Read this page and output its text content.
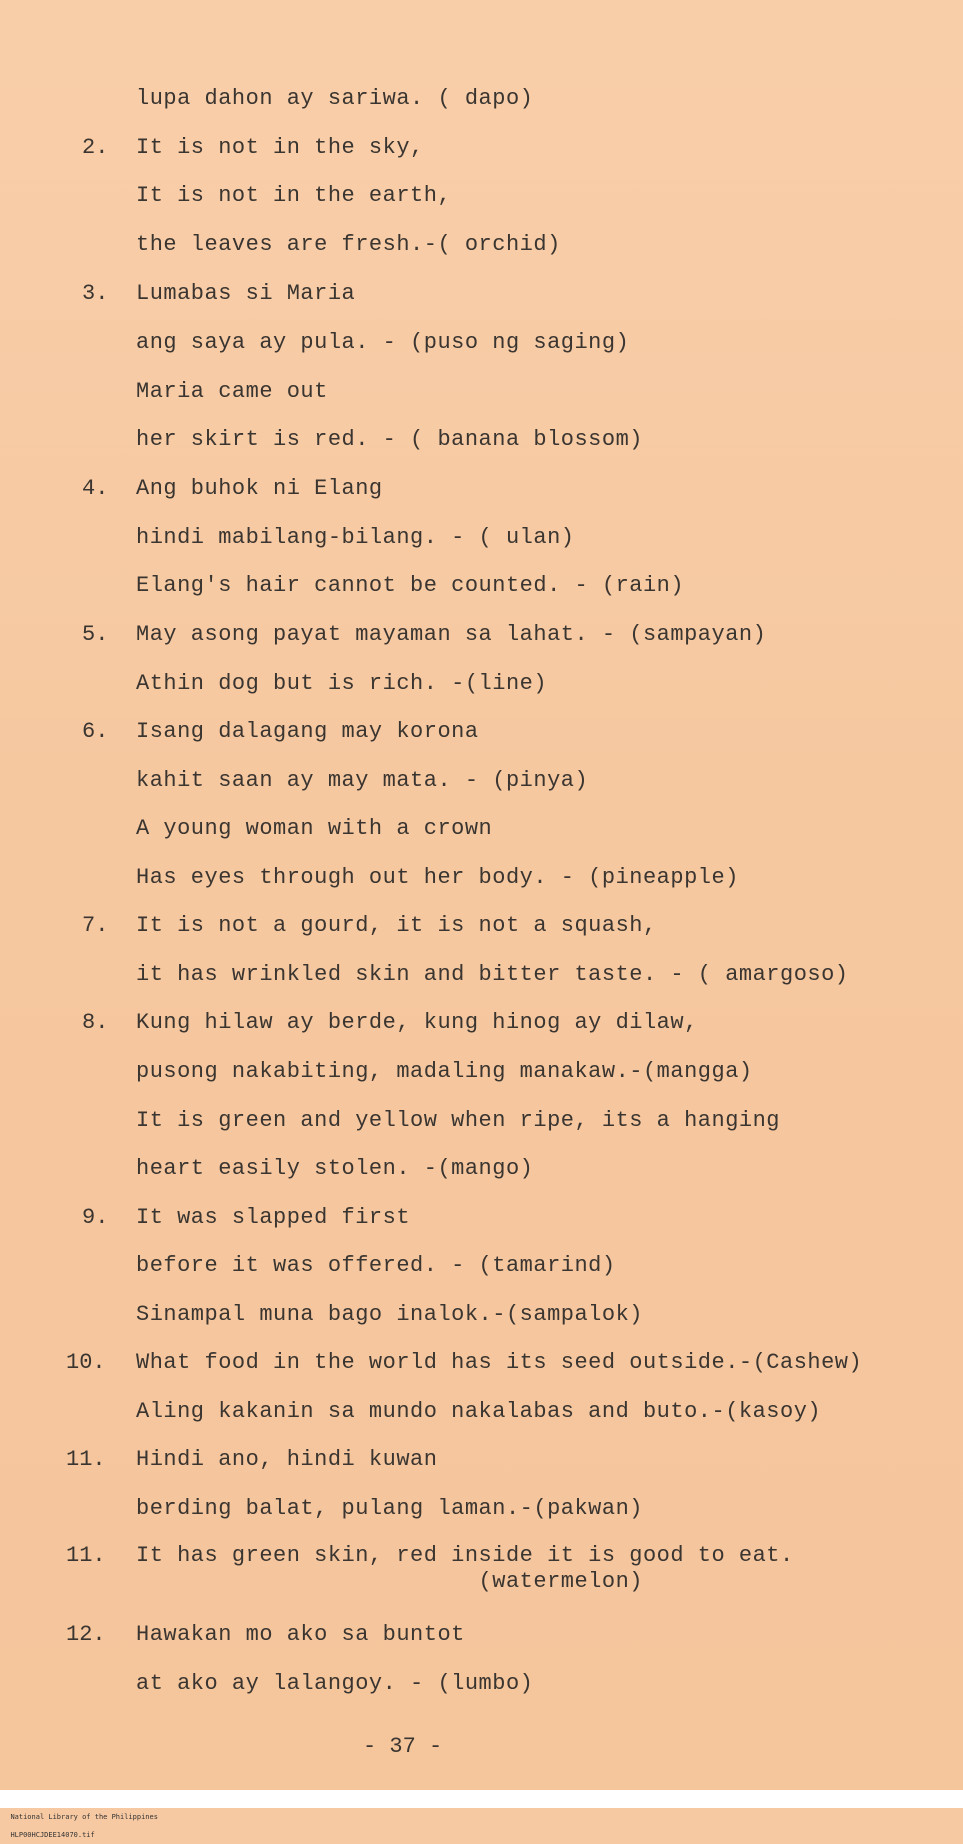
lupa dahon ay sariwa. ( dapo)
2. It is not in the sky,
It is not in the earth,
the leaves are fresh.-( orchid)
3. Lumabas si Maria
ang saya ay pula. - (puso ng saging)
Maria came out
her skirt is red. - ( banana blossom)
4. Ang buhok ni Elang
hindi mabilang-bilang. - ( ulan)
Elang's hair cannot be counted. - (rain)
5. May asong payat mayaman sa lahat. - (sampayan)
Athin dog but is rich. -(line)
6. Isang dalagang may korona
kahit saan ay may mata. - (pinya)
A young woman with a crown
Has eyes through out her body. - (pineapple)
7. It is not a gourd, it is not a squash,
it has wrinkled skin and bitter taste. - ( amargoso)
8. Kung hilaw ay berde, kung hinog ay dilaw,
pusong nakabiting, madaling manakaw.-(mangga)
It is green and yellow when ripe, its a hanging
heart easily stolen. -(mango)
9. It was slapped first
before it was offered. - (tamarind)
Sinampal muna bago inalok.-(sampalok)
10. What food in the world has its seed outside.-(Cashew)
Aling kakanin sa mundo nakalabas and buto.-(kasoy)
11. Hindi ano, hindi kuwan
berding balat, pulang laman.-(pakwan)
11. It has green skin, red inside it is good to eat.
(watermelon)
12. Hawakan mo ako sa buntot
at ako ay lalangoy. - (lumbo)
- 37 -

National Library of the Philippines
HLP00HCJDEE14070.tif
